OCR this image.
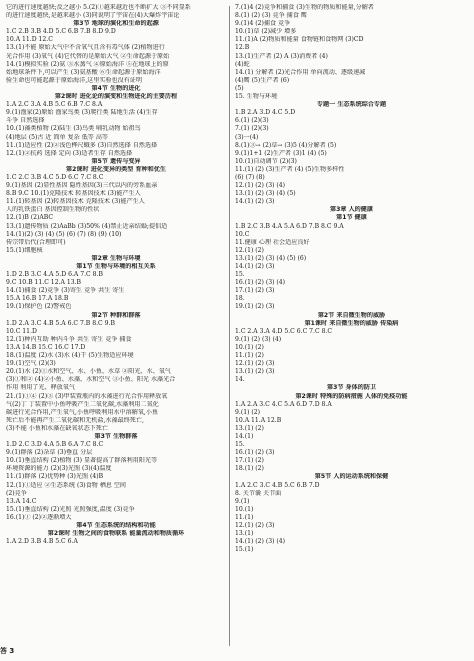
它的进行速度越快;反之越小 5.(2)①越来越近也不断扩大 ③不同显系
的进行速度越快,是越来越小 (3)同说明了宇宙在(4)大爆炸宇宙论
第3节 地球的演化和生命的起源
1.C 2.B 3.B 4.D 5.C 6.B 7.B 8.D 9.D
10.A 11.D 12.C
13.(1)不能 原始大气中不含氧气且含有毒气体 (2)植物进行
光合作用 (3)氧气 (4)它代替的是原始大气 ②生命起源于原始
14.(1)模拟实验 (2)氨 ③水蒸气 ④原始海洋 ⑤在地球上的原
始地球条件下,可以产生 (3)氨基酸 ⑥生命起源于原始海洋
验生命也可能起源于原始海洋,这里实验也没有证明
第4节 生物的进化
第2课时 进化论的演变和生物进化的主要历程
1.A 2.C 3.A 4.B 5.C 6.B 7.C 8.A
9.(1)渔家(2)原始 渔家鸟类 (3)爬行类 陆地生活 (4)生存
斗争 自然选择
10.(1)藻类植物 (2)陆生 (3)鸟类 哺乳动物 始祖鸟
(4)地层 (5)古 近 简单 复杂 低等 高等
11.(1)适应性 (2)②浅色桦尺蛾多 (3)自然选择 自然选择
12.(1)②抗药 选择 定向 (3)适者生存 自然选择
第5节 遗传与变异
第2课时 进化变异的类型 育种和优生
1.C 2.C 3.B 4.C 5.D 6.C 7.C 8.C
9.(1)基因 (2)显性基因 隐性基因(3)三代以内的旁系血亲
8.B 9.C 10.(1)克隆技术 转基因技术 (3)能产生人
11.(1)转基因 (2)转基因技术 克隆技术 (3)能产生人
人的乳铁蛋白 基因控制生物的性状
12.(1)B (2)ABC
13.(1)遗传物质 (2)AaBb (3)50% (4)禁止近亲结婚;提倡适
14.(1)(2) (3) (4) (5) (6) (7) (8) (9) (10)
传宗带后代(合理即可)
15.(1)细胞核
第2章 生物与环境
第1节 生物与环境的相互关系
1.D 2.B 3.C 4.A 5.D 6.A 7.C 8.B
9.C 10.B 11.C 12.A 13.B
14.(1)捕食 (2)竞争 (3)寄生 竞争 共生 寄生
15.A 16.B 17.A 18.B
19.(1)保护色 (2)警戒色
第2节 种群和群落
1.D 2.A 3.C 4.B 5.A 6.C 7.B 8.C 9.B
10.C 11.D
12.(1)种内互助 种内斗争 共生 寄生 竞争 捕食
13.A 14.B 15.C 16.C 17.D
18.(1)温度 (2)水 (3)水 (4)干 (5)生物适应环境
19.(1)空气 (2)(3)
20.(1)水 (2)①水和空气、水、小鱼、水草 ②阳光、水、氧气
(3)①和② (4)②小鱼、水藻、水和空气 ③小鱼、阳光 水藻光合
作用 利用了光、释放氧气
21.(1)①④ (2)③ (3)甲装置瓶内的水藻进行光合作用释放氧
气(2)丁 丁装置中小鱼呼吸产生二氧化碳,水藻利用二氧化
碳进行光合作用,产生氧气,小鱼呼吸利用水中溶解氧,小鱼
死亡后不能再产生二氧化碳和无机盐,水藻最终死亡,
(3)不能 小鱼和水藻在缺氧状态下死亡
第3节 生物群落
1.D 2.C 3.D 4.A 5.B 6.A 7.C 8.C
9.(1)群落 (2)杂草 (3)垂直 分层
10.(1)垂直结构 (2)植物 (3) 显著提高了群落利用阳光等
环境资源的能力 (2)(3)光照 (3)(4)温度
11.(1)群落 (2)优势种 (3)光照 (4)B
12.(1)①适应 ②生态系统 (3)食物 栖息 空间
(2)竞争
13.A 14.C
15.(1)垂直结构 (2)光照 光照强度,温度 (3)竞争
16.(1)① (2)②逐渐增大
第4节 生态系统的结构和功能
第2课时 生物之间的食物联系 能量流动和物质循环
1.A 2.D 3.B 4.B 5.C 6.A
7.(1)4 (2)竞争和捕食 (3)生物的物质和能量,分解者
8.(1) (2) (3) 竞争 捕食 鹰
9.(1)4 (2)捕食 竞争
10.(1)草 (2)减少 增多
11.(1)A (2)物质和能量 食物链和食物网 (3)CD
12.B
13.(1)生产者 (2) A (3)消费者 (4)
(4)蛇
14.(1) 分解者 (2)光合作用 单向流动、逐级递减
(4)鹰 (5)生产者 (6)
(5)
15. 生物与环境
专题一 生态系统综合专题
1.B 2.A 3.D 4.C 5.D
6.(1) (2)(3)
7.(1) (2)(3)
(3)一(4)
8.(1)③→ (2)草→ (3)5 (4)分解者 (5)
9.(1)1+1 (2)生产者 (3)1 (4) (5)
10.(1)自动调节 (2)(3)
11.(1) (2) (3)生产者 (4) (5)生物多样性
(6) (7) (8)
12.(1) (2) (3) (4)
13.(1) (2) (3) (4) (5)
14.(1) (2) (3)
第3章 人的健康
第1节 健康
1.B 2.C 3.B 4.A 5.A 6.D 7.B 8.C 9.A
10.C
11.健康 心理 社会适应良好
12.(1) (2)
13.(1) (2) (3) (4) (5) (6)
14.(1) (2) (3)
15.
16.(1) (2) (3) (4)
17.(1) (2) (3)
18.
19.(1) (2) (3)
第2节 来自微生物的威胁
第1课时 来自微生物的威胁 传染病
1.C 2.A 3.A 4.D 5.C 6.C 7.C 8.C
9.(1) (2) (3) (4)
10.(1) (2)
11.(1) (2)
12.(1) (2) (3)
13.(1) (2) (3)
14.
第3节 身体的防卫
第2课时 特殊的防病措施 人体的免疫功能
1.A 2.A 3.C 4.C 5.A 6.D 7.D 8.A
9.(1) (2)
10.A 11.A 12.B
13.(1) (2)
14.(1)
15.
16.(1) (2) (3)
17.(1) (2)
18.(1) (2)
第5节 人的运动系统和保健
1.A 2.C 3.C 4.B 5.C 6.B 7.D
8. 关节囊 关节面
9.(1)
10.(1)
11.(1)
12.(1) (2) (3)
13.(1)
14.(1) (2) (3) (4)
15.(1)
答 3
